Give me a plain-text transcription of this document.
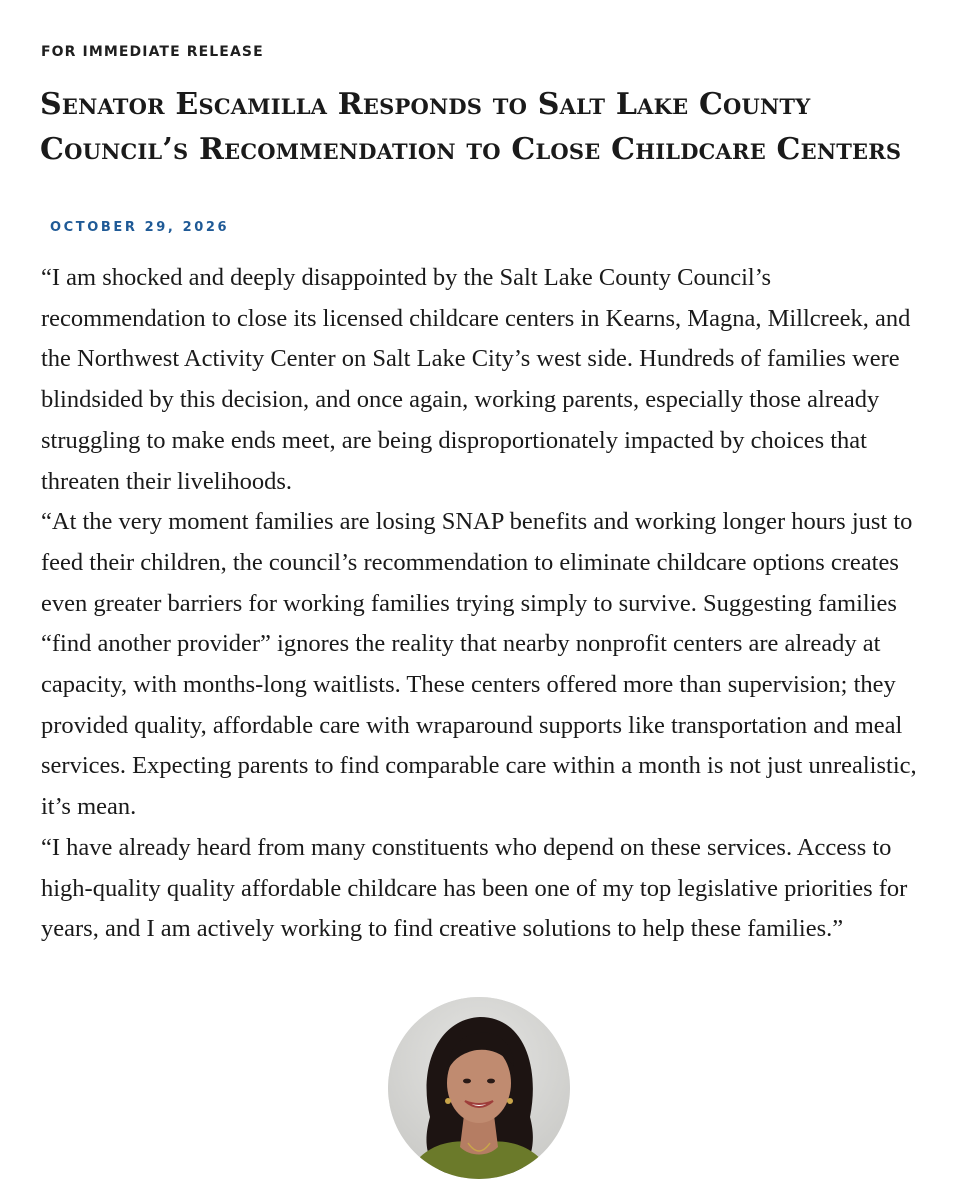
FOR IMMEDIATE RELEASE
Senator Escamilla Responds to Salt Lake County Council’s Recommendation to Close Childcare Centers
OCTOBER 29, 2026

“I am shocked and deeply disappointed by the Salt Lake County Council’s recommendation to close its licensed childcare centers in Kearns, Magna, Millcreek, and the Northwest Activity Center on Salt Lake City’s west side. Hundreds of families were blindsided by this decision, and once again, working parents, especially those already struggling to make ends meet, are being disproportionately impacted by choices that threaten their livelihoods.

“At the very moment families are losing SNAP benefits and working longer hours just to feed their children, the council’s recommendation to eliminate childcare options creates even greater barriers for working families trying simply to survive. Suggesting families “find another provider” ignores the reality that nearby nonprofit centers are already at capacity, with months-long waitlists. These centers offered more than supervision; they provided quality, affordable care with wraparound supports like transportation and meal services. Expecting parents to find comparable care within a month is not just unrealistic, it’s mean.

“I have already heard from many constituents who depend on these services. Access to high-quality quality affordable childcare has been one of my top legislative priorities for years, and I am actively working to find creative solutions to help these families.”
